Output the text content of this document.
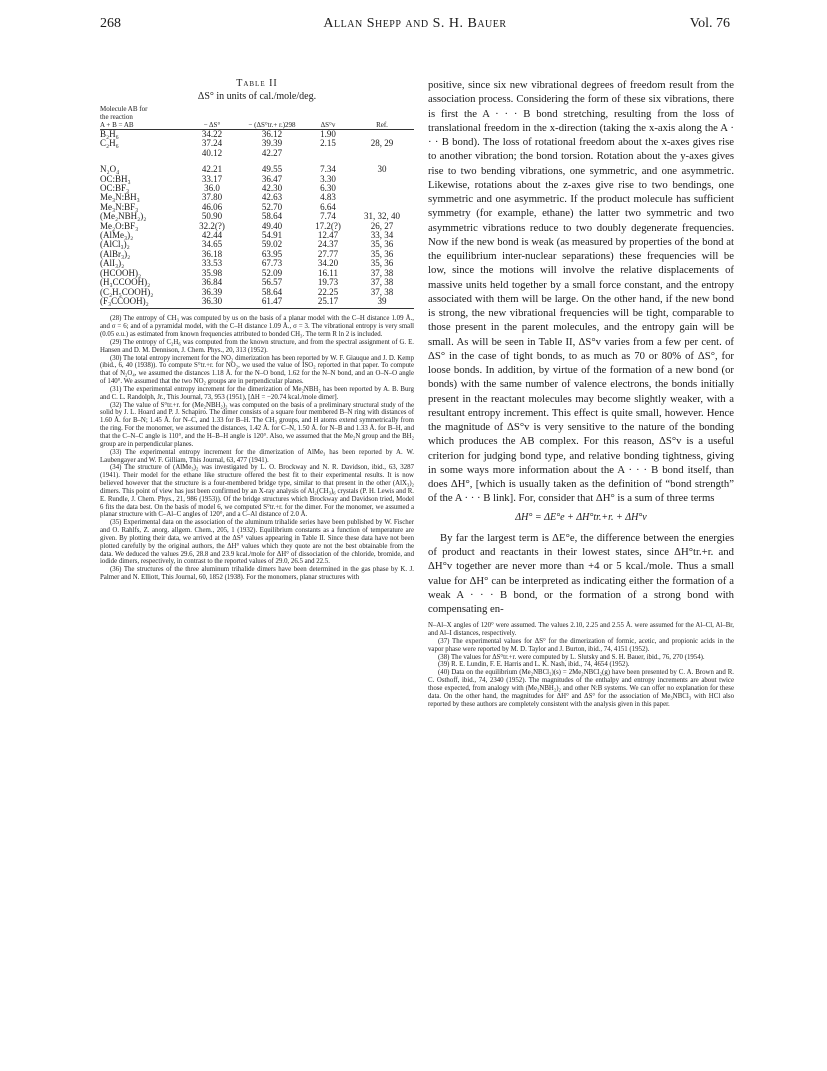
268	Allan Shepp and S. H. Bauer	Vol. 76
Table II
ΔS° in units of cal./mole/deg.
Molecule AB for
the reaction
A + B = AB	− ΔS°	− (ΔS°tr.+ r.)298	ΔS°v	Ref.
B₂H₆	34.22	36.12	1.90	
C₂H₆	37.24	39.39	2.15	28, 29
	40.12	42.27		
N₂O₄	42.21	49.55	7.34	30
OC:BH₃	33.17	36.47	3.30	
OC:BF₃	36.0	42.30	6.30	
Me₃N:BH₃	37.80	42.63	4.83	
Me₃N:BF₃	46.06	52.70	6.64	
(Me₂NBH₂)₂	50.90	58.64	7.74	31, 32, 40
Me₂O:BF₃	32.2(?)	49.40	17.2(?)	26, 27
(AlMe₃)₂	42.44	54.91	12.47	33, 34
(AlCl₃)₂	34.65	59.02	24.37	35, 36
(AlBr₃)₂	36.18	63.95	27.77	35, 36
(AlI₃)₂	33.53	67.73	34.20	35, 36
(HCOOH)₂	35.98	52.09	16.11	37, 38
(H₃CCOOH)₂	36.84	56.57	19.73	37, 38
(C₂H₅COOH)₂	36.39	58.64	22.25	37, 38
(F₃CCOOH)₂	36.30	61.47	25.17	39

(28) The entropy of CH₃ was computed by us on the basis of a planar model with the C–H distance 1.09 Å., and σ = 6; and of a pyramidal model, with the C–H distance 1.09 Å., σ = 3. The vibrational entropy is very small (0.05 e.u.) as estimated from known frequencies attributed to bonded CH₃. The term R ln 2 is included.

(29) The entropy of C₂H₆ was computed from the known structure, and from the spectral assignment of G. E. Hansen and D. M. Dennison, J. Chem. Phys., 20, 313 (1952).

(30) The total entropy increment for the NO₂ dimerization has been reported by W. F. Giauque and J. D. Kemp (ibid., 6, 40 (1938)). To compute S°tr.+r. for NO₂, we used the value of ISO₂ reported in that paper. To compute that of N₂O₄, we assumed the distances 1.18 Å. for the N–O bond, 1.62 for the N–N bond, and an O–N–O angle of 140°. We assumed that the two NO₂ groups are in perpendicular planes.

(31) The experimental entropy increment for the dimerization of Me₂NBH₂ has been reported by A. B. Burg and C. L. Randolph, Jr., This Journal, 73, 953 (1951), [ΔH = −20.74 kcal./mole dimer].

(32) The value of S°tr.+r. for (Me₂NBH₂)₂ was computed on the basis of a preliminary structural study of the solid by J. L. Hoard and P. J. Schapiro. The dimer consists of a square four membered B–N ring with distances of 1.60 Å. for B–N; 1.45 Å. for N–C, and 1.33 for B–H. The CH₃ groups, and H atoms extend symmetrically from the ring. For the monomer, we assumed the distances, 1.42 Å. for C–N, 1.50 Å. for N–B and 1.33 Å. for B–H, and that the C–N–C angle is 110°, and the H–B–H angle is 120°. Also, we assumed that the Me₂N group and the BH₂ group are in perpendicular planes.

(33) The experimental entropy increment for the dimerization of AlMe₃ has been reported by A. W. Laubengayer and W. F. Gilliam, This Journal, 63, 477 (1941).

(34) The structure of (AlMe₃)₂ was investigated by L. O. Brockway and N. R. Davidson, ibid., 63, 3287 (1941). Their model for the ethane like structure offered the best fit to their experimental results. It is now believed however that the structure is a four-membered bridge type, similar to that present in the other (AlX₃)₂ dimers. This point of view has just been confirmed by an X-ray analysis of Al₂(CH₃)₆ crystals (P. H. Lewis and R. E. Rundle, J. Chem. Phys., 21, 986 (1953)). Of the bridge structures which Brockway and Davidson tried, Model 6 fits the data best. On the basis of model 6, we computed S°tr.+r. for the dimer. For the monomer, we assumed a planar structure with C–Al–C angles of 120°, and a C–Al distance of 2.0 Å.

(35) Experimental data on the association of the aluminum trihalide series have been published by W. Fischer and O. Rahlfs, Z. anorg. allgem. Chem., 205, 1 (1932). Equilibrium constants as a function of temperature are given. By plotting their data, we arrived at the ΔS° values appearing in Table II. Since these data have not been plotted carefully by the original authors, the ΔH° values which they quote are not the best obtainable from the data. We deduced the values 29.6, 28.8 and 23.9 kcal./mole for ΔH° of dissociation of the chloride, bromide, and iodide dimers, respectively, in contrast to the reported values of 29.0, 26.5 and 22.5.

(36) The structures of the three aluminum trihalide dimers have been determined in the gas phase by K. J. Palmer and N. Elliott, This Journal, 60, 1852 (1938). For the monomers, planar structures with

positive, since six new vibrational degrees of freedom result from the association process. Considering the form of these six vibrations, there is first the A · · · B bond stretching, resulting from the loss of translational freedom in the x-direction (taking the x-axis along the A · · · B bond). The loss of rotational freedom about the x-axes gives rise to another vibration; the bond torsion. Rotation about the y-axes gives rise to two bending vibrations, one symmetric, and one asymmetric. Likewise, rotations about the z-axes give rise to two bendings, one symmetric and one asymmetric. If the product molecule has sufficient symmetry (for example, ethane) the latter two symmetric and two asymmetric vibrations reduce to two doubly degenerate frequencies. Now if the new bond is weak (as measured by properties of the bond at the equilibrium inter-nuclear separations) these frequencies will be low, since the motions will involve the relative displacements of massive units held together by a small force constant, and the entropy associated with them will be large. On the other hand, if the new bond is strong, the new vibrational frequencies will be tight, comparable to those present in the parent molecules, and the entropy gain will be small. As will be seen in Table II, ΔS°v varies from a few per cent. of ΔS° in the case of tight bonds, to as much as 70 or 80% of ΔS°, for loose bonds. In addition, by virtue of the formation of a new bond (or bonds) with the same number of valence electrons, the bonds initially present in the reactant molecules may become slightly weaker, with a resultant entropy increment. This effect is quite small, however. Hence the magnitude of ΔS°v is very sensitive to the nature of the bonding which produces the AB complex. For this reason, ΔS°v is a useful criterion for judging bond type, and relative bonding tightness, giving in some ways more information about the A · · · B bond itself, than does ΔH°, [which is usually taken as the definition of “bond strength” of the A · · · B link]. For, consider that ΔH° is a sum of three terms

ΔH° = ΔE°e + ΔH°tr.+r. + ΔH°v

By far the largest term is ΔE°e, the difference between the energies of product and reactants in their lowest states, since ΔH°tr.+r. and ΔH°v together are never more than +4 or 5 kcal./mole. Thus a small value for ΔH° can be interpreted as indicating either the formation of a weak A · · · B bond, or the formation of a strong bond with compensating en-

N–Al–X angles of 120° were assumed. The values 2.10, 2.25 and 2.55 Å. were assumed for the Al–Cl, Al–Br, and Al–I distances, respectively.

(37) The experimental values for ΔS° for the dimerization of formic, acetic, and propionic acids in the vapor phase were reported by M. D. Taylor and J. Burton, ibid., 74, 4151 (1952).

(38) The values for ΔS°tr.+r. were computed by L. Slutsky and S. H. Bauer, ibid., 76, 270 (1954).

(39) R. E. Lundin, F. E. Harris and L. K. Nash, ibid., 74, 4654 (1952).

(40) Data on the equilibrium (Me₂NBCl₂)(s) = 2Me₂NBCl₂(g) have been presented by C. A. Brown and R. C. Osthoff, ibid., 74, 2340 (1952). The magnitudes of the enthalpy and entropy increments are about twice those expected, from analogy with (Me₂NBH₂)₂ and other N:B systems. We can offer no explanation for these data. On the other hand, the magnitudes for ΔH° and ΔS° for the association of Me₃NBCl₃ with HCl also reported by these authors are completely consistent with the analysis given in this paper.
